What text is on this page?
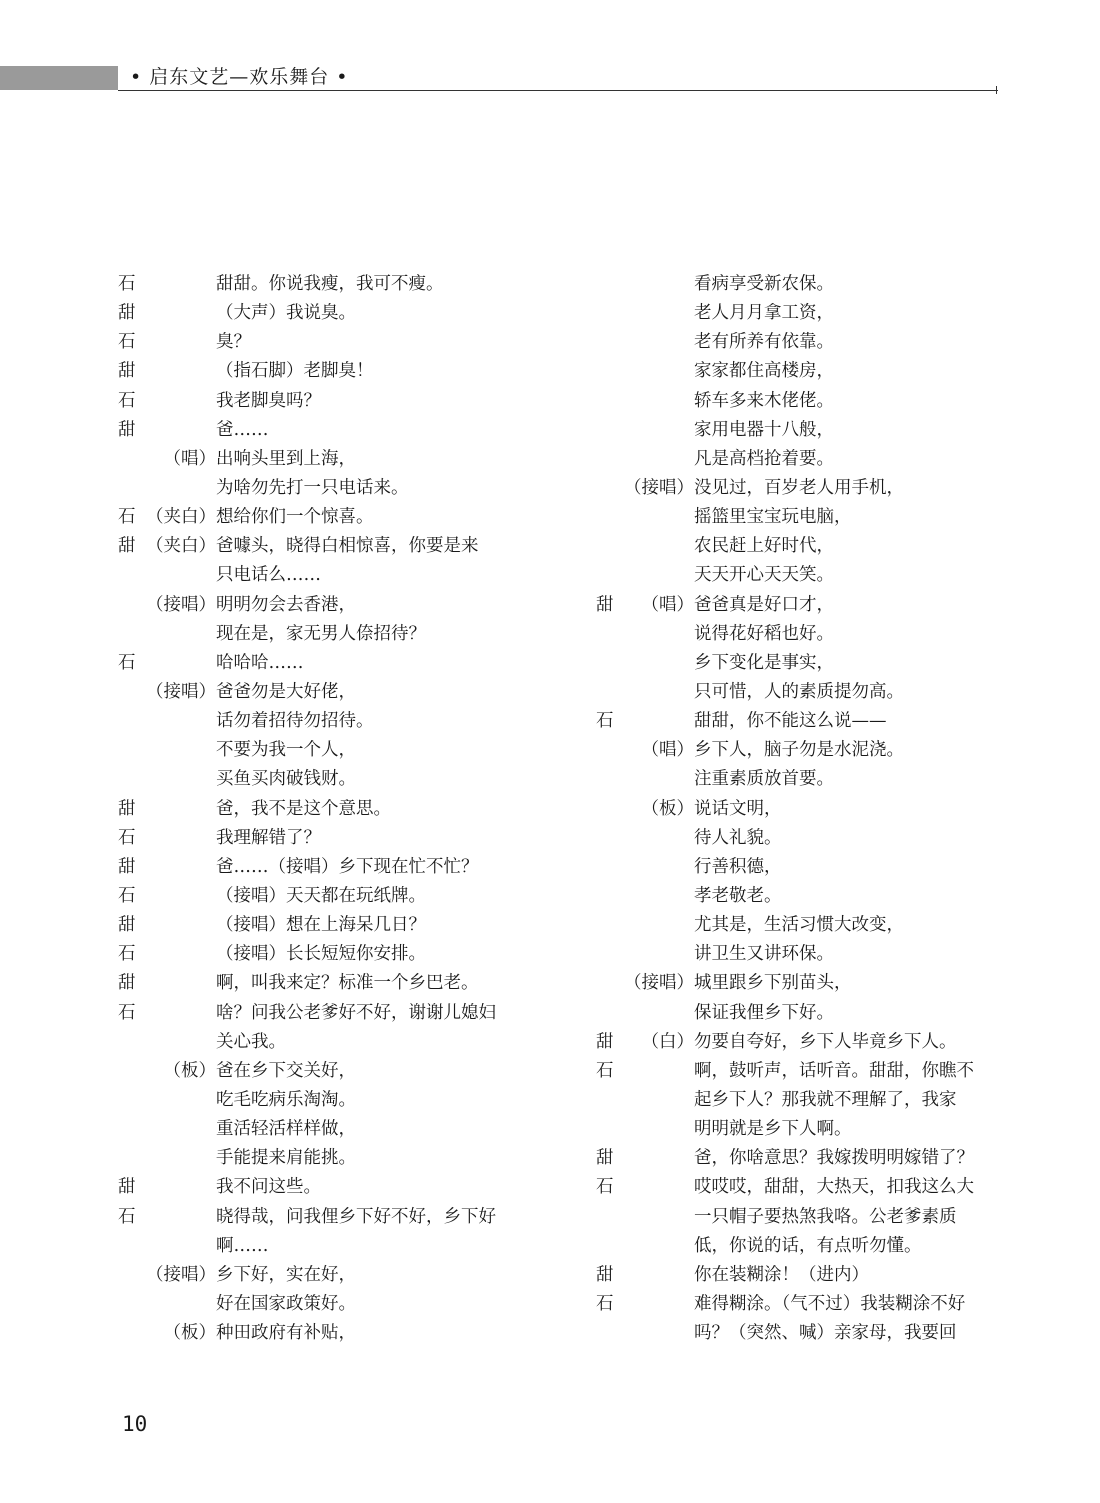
• 启东文艺—欢乐舞台 •
石	甜甜。你说我瘦，我可不瘦。
甜	（大声）我说臭。
石	臭？
甜	（指石脚）老脚臭！
石	我老脚臭吗？
甜	爸……
（唱） 出响头里到上海，
为啥勿先打一只电话来。
石 （夹白） 想给你们一个惊喜。
甜 （夹白） 爸噱头，晓得白相惊喜，你要是来
只电话么……
（接唱） 明明勿会去香港，
现在是，家无男人倷招待？
石	哈哈哈……
（接唱） 爸爸勿是大好佬，
话勿着招待勿招待。
不要为我一个人，
买鱼买肉破钱财。
甜	爸，我不是这个意思。
石	我理解错了？
甜	爸……（接唱）乡下现在忙不忙？
石	（接唱）天天都在玩纸牌。
甜	（接唱）想在上海呆几日？
石	（接唱）长长短短你安排。
甜	啊，叫我来定？标准一个乡巴老。
石	啥？问我公老爹好不好，谢谢儿媳妇
关心我。
（板） 爸在乡下交关好，
吃毛吃病乐淘淘。
重活轻活样样做，
手能提来肩能挑。
甜	我不问这些。
石	晓得哉，问我俚乡下好不好，乡下好
啊……
（接唱） 乡下好，实在好，
好在国家政策好。
（板） 种田政府有补贴，
看病享受新农保。
老人月月拿工资，
老有所养有依靠。
家家都住高楼房，
轿车多来木佬佬。
家用电器十八般，
凡是高档抢着要。
（接唱） 没见过，百岁老人用手机，
摇篮里宝宝玩电脑，
农民赶上好时代，
天天开心天天笑。
甜 （唱） 爸爸真是好口才，
说得花好稻也好。
乡下变化是事实，
只可惜，人的素质提勿高。
石	甜甜，你不能这么说——
（唱） 乡下人，脑子勿是水泥浇。
注重素质放首要。
（板） 说话文明，
待人礼貌。
行善积德，
孝老敬老。
尤其是，生活习惯大改变，
讲卫生又讲环保。
（接唱） 城里跟乡下别苗头，
保证我俚乡下好。
甜 （白） 勿要自夸好，乡下人毕竟乡下人。
石	啊，鼓听声，话听音。甜甜，你瞧不
起乡下人？那我就不理解了，我家
明明就是乡下人啊。
甜	爸，你啥意思？我嫁拨明明嫁错了？
石	哎哎哎，甜甜，大热天，扣我这么大
一只帽子要热煞我咯。公老爹素质
低，你说的话，有点听勿懂。
甜	你在装糊涂！（进内）
石	难得糊涂。（气不过）我装糊涂不好
吗？（突然、喊）亲家母，我要回
10
